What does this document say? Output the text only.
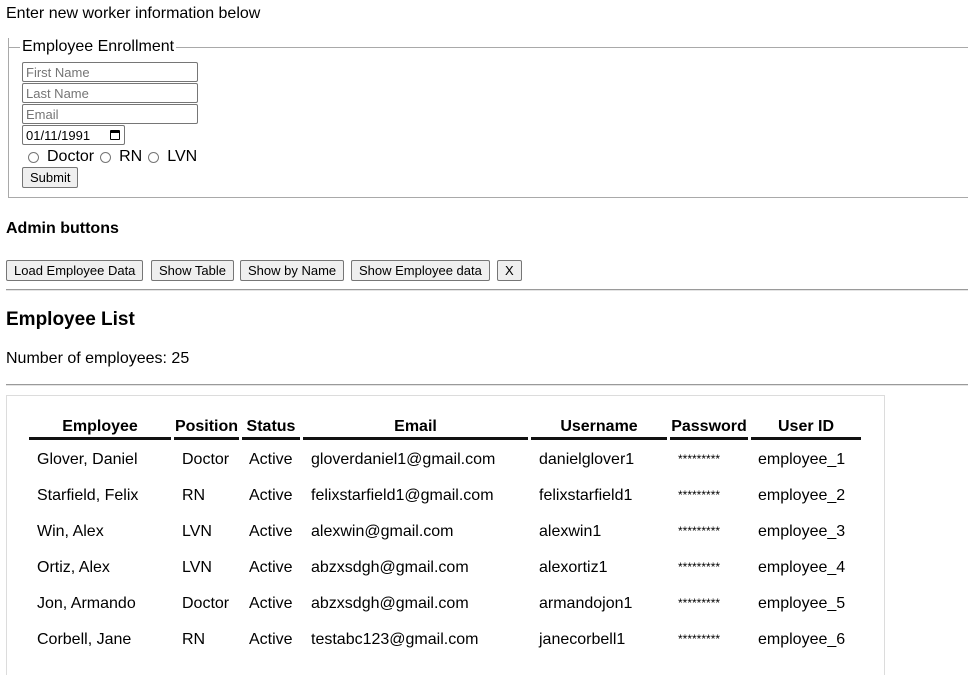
Enter new worker information below
Employee Enrollment
First Name
Last Name
Email
01/11/1991
Doctor RN LVN
Submit
Admin buttons
Load Employee Data	Show Table	Show by Name	Show Employee data	X
Employee List
Number of employees: 25
Employee	Position Status	Email	Username	Password	User ID
Glover, Daniel	Doctor Active gloverdaniel1@gmail.com	danielglover1	********* employee_1
Starfield, Felix	RN	Active felixstarfield1@gmail.com	felixstarfield1	********* employee_2
Win, Alex	LVN Active alexwin@gmail.com	alexwin1	********* employee_3
Ortiz, Alex	LVN Active abzxsdgh@gmail.com	alexortiz1	********* employee_4
Jon, Armando	Doctor Active abzxsdgh@gmail.com	armandojon1	********* employee_5
Corbell, Jane	RN	Active testabc123@gmail.com	janecorbell1	********* employee_6
